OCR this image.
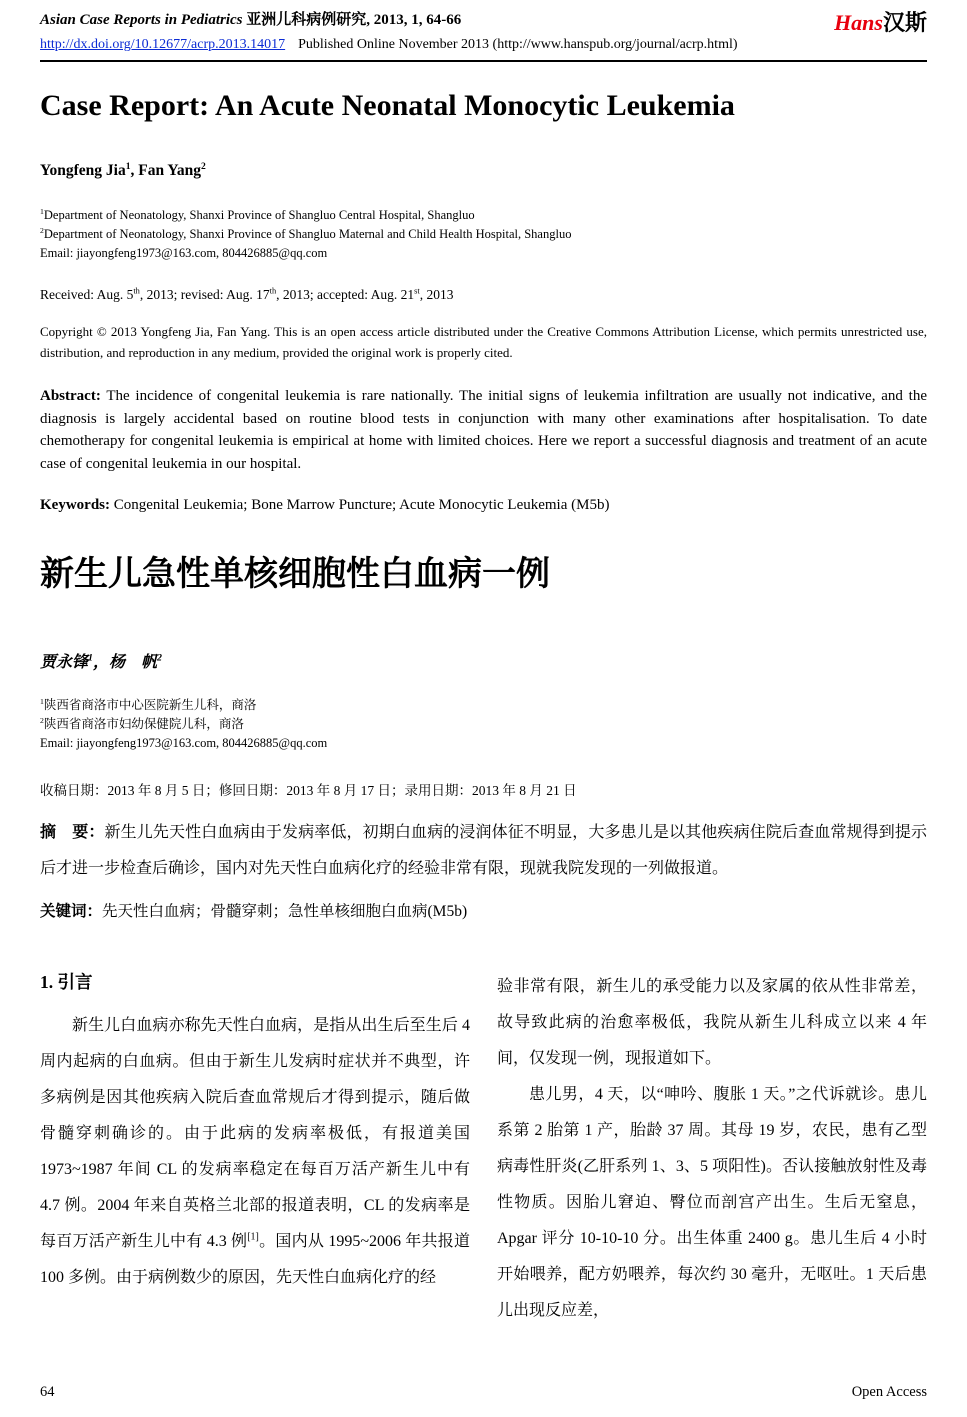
Asian Case Reports in Pediatrics 亚洲儿科病例研究, 2013, 1, 64-66	Hans汉斯
http://dx.doi.org/10.12677/acrp.2013.14017 Published Online November 2013 (http://www.hanspub.org/journal/acrp.html)
Case Report: An Acute Neonatal Monocytic Leukemia
Yongfeng Jia$^1$, Fan Yang$^2$
$^1$Department of Neonatology, Shanxi Province of Shangluo Central Hospital, Shangluo
$^2$Department of Neonatology, Shanxi Province of Shangluo Maternal and Child Health Hospital, Shangluo
Email: jiayongfeng1973@163.com, 804426885@qq.com
Received: Aug. 5th, 2013; revised: Aug. 17th, 2013; accepted: Aug. 21st, 2013

Copyright © 2013 Yongfeng Jia, Fan Yang. This is an open access article distributed under the Creative Commons Attribution License, which permits unrestricted use, distribution, and reproduction in any medium, provided the original work is properly cited.

Abstract: The incidence of congenital leukemia is rare nationally. The initial signs of leukemia infiltration are usually not indicative, and the diagnosis is largely accidental based on routine blood tests in conjunction with many other examinations after hospitalisation. To date chemotherapy for congenital leukemia is empirical at home with limited choices. Here we report a successful diagnosis and treatment of an acute case of congenital leukemia in our hospital.

Keywords: Congenital Leukemia; Bone Marrow Puncture; Acute Monocytic Leukemia (M5b)

新生儿急性单核细胞性白血病一例
贾永锋$^1$，杨　帆$^2$
$^1$陕西省商洛市中心医院新生儿科，商洛
$^2$陕西省商洛市妇幼保健院儿科，商洛
Email: jiayongfeng1973@163.com, 804426885@qq.com
收稿日期：2013 年 8 月 5 日；修回日期：2013 年 8 月 17 日；录用日期：2013 年 8 月 21 日

摘　要：新生儿先天性白血病由于发病率低，初期白血病的浸润体征不明显，大多患儿是以其他疾病住院后查血常规得到提示后才进一步检查后确诊，国内对先天性白血病化疗的经验非常有限，现就我院发现的一列做报道。

关键词：先天性白血病；骨髓穿刺；急性单核细胞白血病(M5b)

1. 引言

新生儿白血病亦称先天性白血病，是指从出生后至生后 4 周内起病的白血病。但由于新生儿发病时症状并不典型，许多病例是因其他疾病入院后查血常规后才得到提示，随后做骨髓穿刺确诊的。由于此病的发病率极低，有报道美国 1973~1987 年间 CL 的发病率稳定在每百万活产新生儿中有 4.7 例。2004 年来自英格兰北部的报道表明，CL 的发病率是每百万活产新生儿中有 4.3 例[1]。国内从 1995~2006 年共报道 100 多例。由于病例数少的原因，先天性白血病化疗的经

验非常有限，新生儿的承受能力以及家属的依从性非常差，故导致此病的治愈率极低，我院从新生儿科成立以来 4 年间，仅发现一例，现报道如下。

患儿男，4 天，以“呻吟、腹胀 1 天。”之代诉就诊。患儿系第 2 胎第 1 产，胎龄 37 周。其母 19 岁，农民，患有乙型病毒性肝炎(乙肝系列 1、3、5 项阳性)。否认接触放射性及毒性物质。因胎儿窘迫、臀位而剖宫产出生。生后无窒息，Apgar 评分 10-10-10 分。出生体重 2400 g。患儿生后 4 小时开始喂养，配方奶喂养，每次约 30 毫升，无呕吐。1 天后患儿出现反应差，

64	Open Access
